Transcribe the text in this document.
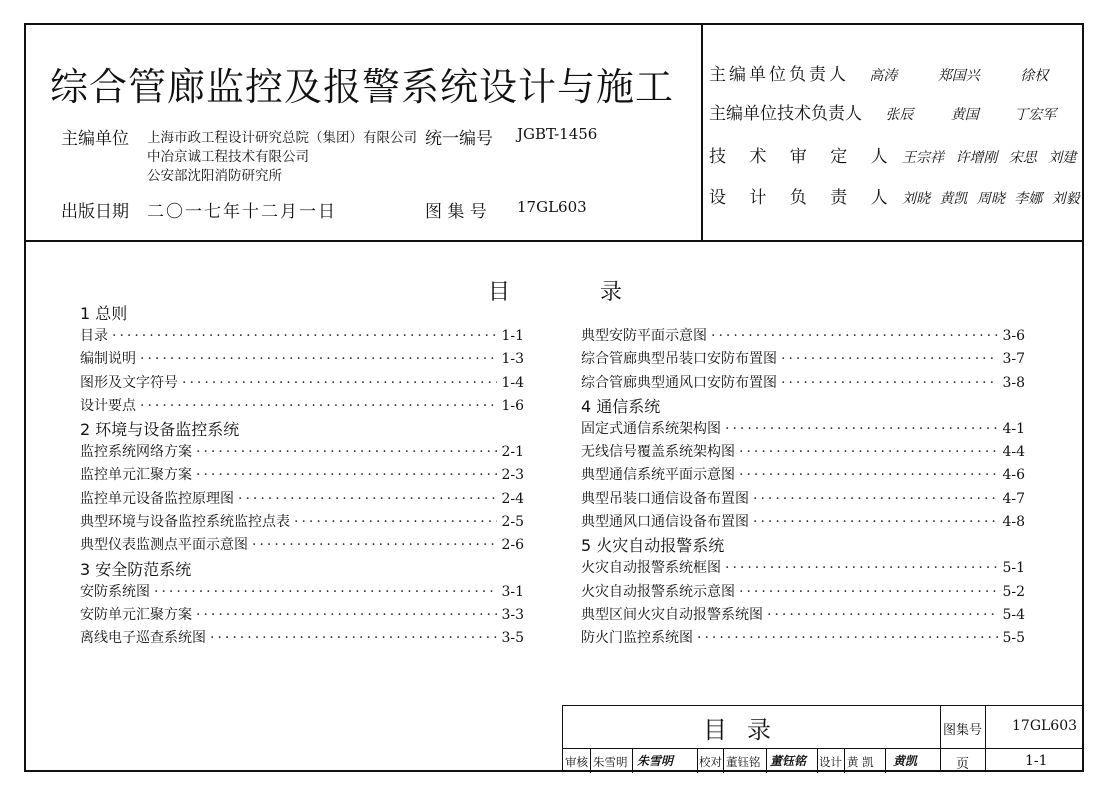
综合管廊监控及报警系统设计与施工
主编单位 上海市政工程设计研究总院（集团）有限公司
中冶京诚工程技术有限公司
公安部沈阳消防研究所
统一编号 JGBT-1456
出版日期 二〇一七年十二月一日	图 集 号 17GL603
主编单位负责人 高涛	郑国兴	徐权
主编单位技术负责人 张辰	黄国	丁宏军
技 术 审 定 人 王宗祥 许增刚 宋思 刘建
设 计 负 责 人 刘晓 黄凯 周晓 李娜 刘毅
目	录
1 总则
目录 ·····	1-1
编制说明 ·····	1-3
图形及文字符号 ·····	1-4
设计要点 ·····	1-6
2 环境与设备监控系统
监控系统网络方案 ·····	2-1
监控单元汇聚方案 ·····	2-3
监控单元设备监控原理图 ·····	2-4
典型环境与设备监控系统监控点表 ·····	2-5
典型仪表监测点平面示意图 ·····	2-6
3 安全防范系统
安防系统图 ·····	3-1
安防单元汇聚方案 ·····	3-3
离线电子巡查系统图 ·····	3-5
典型安防平面示意图 ·····	3-6
综合管廊典型吊装口安防布置图 ·····	3-7
综合管廊典型通风口安防布置图 ·····	3-8
4 通信系统
固定式通信系统架构图 ·····	4-1
无线信号覆盖系统架构图 ·····	4-4
典型通信系统平面示意图 ·····	4-6
典型吊装口通信设备布置图 ·····	4-7
典型通风口通信设备布置图 ·····	4-8
5 火灾自动报警系统
火灾自动报警系统框图 ·····	5-1
火灾自动报警系统示意图 ·····	5-2
典型区间火灾自动报警系统图 ·····	5-4
防火门监控系统图 ·····	5-5
目录	图集号 17GL603
页	1-1
审核 朱雪明 朱雪明 校对 董钰铭 董钰铭 设计 黄 凯 黄凯
